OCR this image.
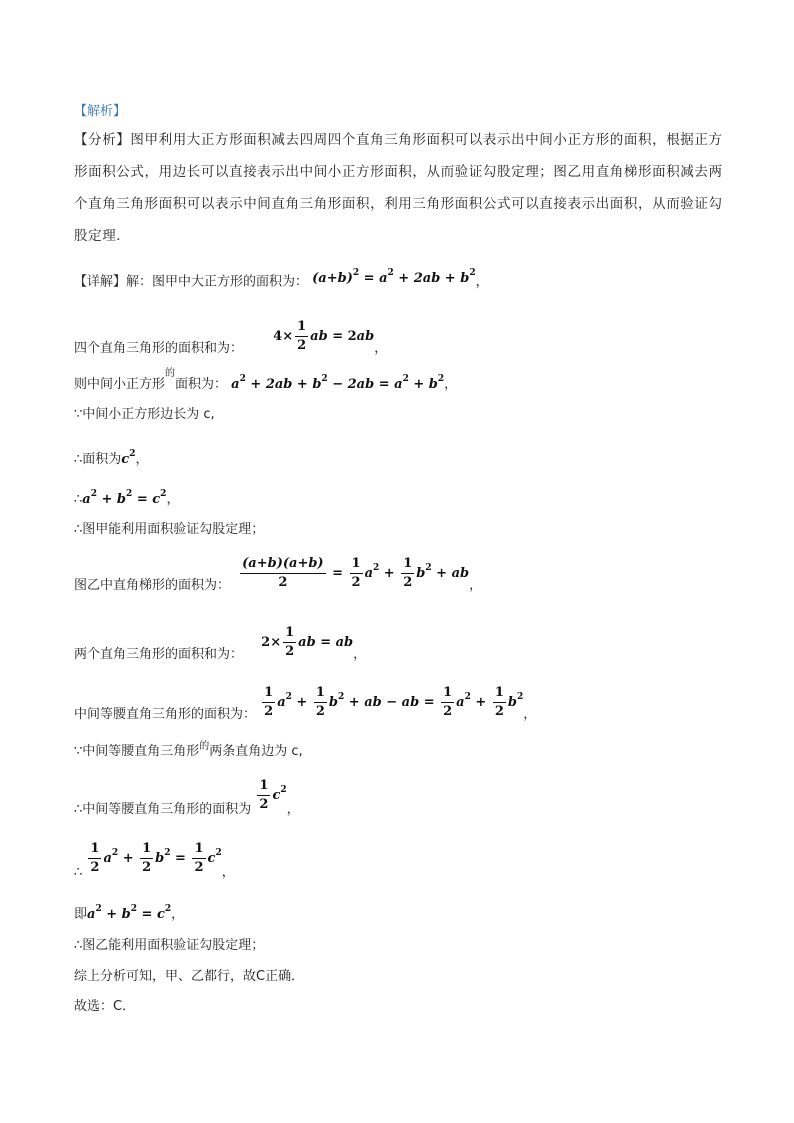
【解析】
【分析】图甲利用大正方形面积减去四周四个直角三角形面积可以表示出中间小正方形的面积，根据正方形面积公式，用边长可以直接表示出中间小正方形面积，从而验证勾股定理；图乙用直角梯形面积减去两个直角三角形面积可以表示中间直角三角形面积，利用三角形面积公式可以直接表示出面积，从而验证勾股定理．
【详解】解：图甲中大正方形的面积为： $(a+b)^2 = a^2 + 2ab + b^2$，
四个直角三角形的面积和为： $4\times \frac{1}{2}$ ab = 2ab，
则中间小正方形$^的$面积为： $a^2 + 2ab + b^2 - 2ab = a^2 + b^2$，
∵中间小正方形边长为 c,
∴面积为$c^2$，
$\therefore a^2 + b^2 = c^2$，
∴图甲能利用面积验证勾股定理；
图乙中直角梯形的面积为： $\frac{(a+b)(a+b)}{2} = \frac{1}{2} a^2 + \frac{1}{2} b^2$ + ab，
两个直角三角形的面积和为： $2\times \frac{1}{2}$ ab = ab，
中间等腰直角三角形的面积为： $\frac{1}{2} a^2 + \frac{1}{2} b^2$ + ab − ab = $\frac{1}{2} a^2 + \frac{1}{2} b^2$，
∵中间等腰直角三角形$^的$两条直角边为 c,
∴中间等腰直角三角形的面积为 $\frac{1}{2} c^2$，
∴ $\frac{1}{2} a^2 + \frac{1}{2} b^2 = \frac{1}{2} c^2$，
即$a^2 + b^2 = c^2$，
∴图乙能利用面积验证勾股定理；
综上分析可知，甲、乙都行，故C正确．
故选：C．
